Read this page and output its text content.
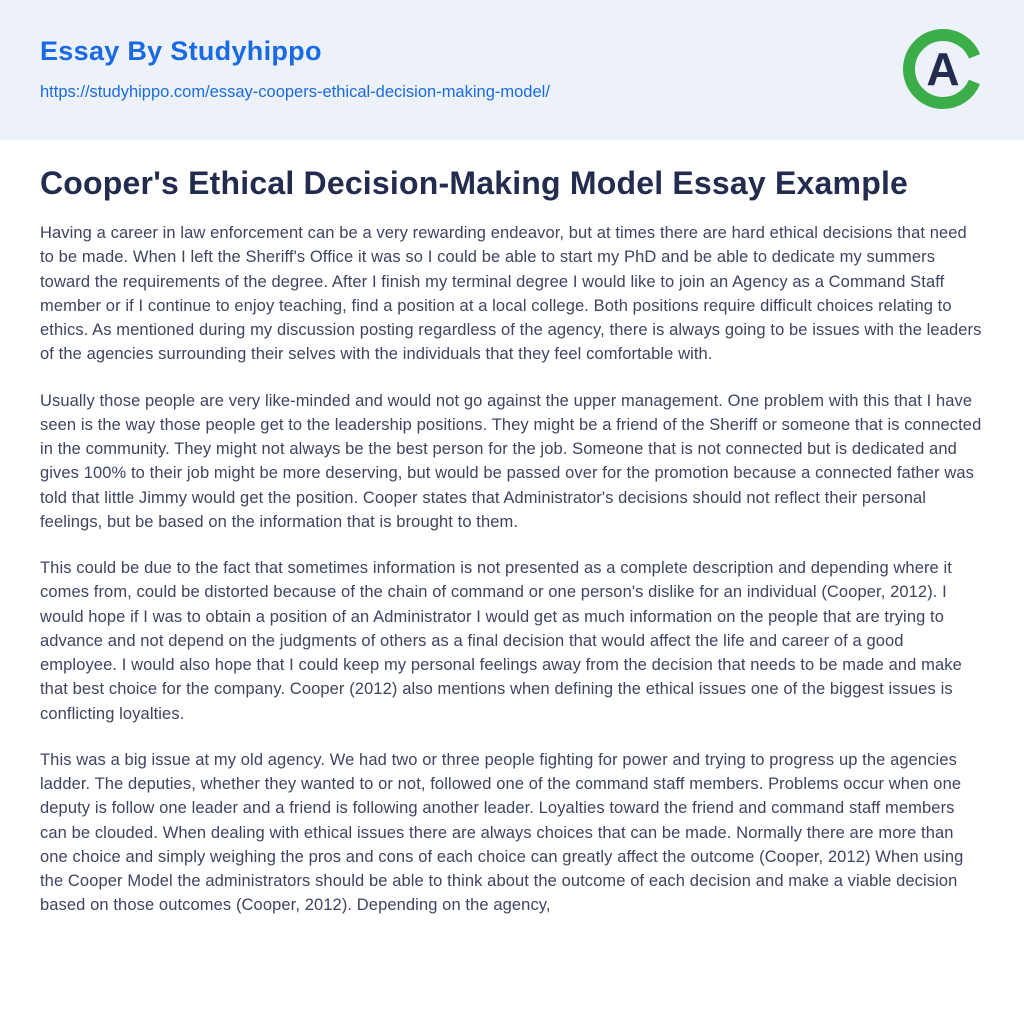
Essay By Studyhippo
https://studyhippo.com/essay-coopers-ethical-decision-making-model/	A
Cooper's Ethical Decision-Making Model Essay Example

Having a career in law enforcement can be a very rewarding endeavor, but at times there are hard ethical decisions that need to be made. When I left the Sheriff's Office it was so I could be able to start my PhD and be able to dedicate my summers toward the requirements of the degree. After I finish my terminal degree I would like to join an Agency as a Command Staff member or if I continue to enjoy teaching, find a position at a local college. Both positions require difficult choices relating to ethics. As mentioned during my discussion posting regardless of the agency, there is always going to be issues with the leaders of the agencies surrounding their selves with the individuals that they feel comfortable with.

Usually those people are very like-minded and would not go against the upper management. One problem with this that I have seen is the way those people get to the leadership positions. They might be a friend of the Sheriff or someone that is connected in the community. They might not always be the best person for the job. Someone that is not connected but is dedicated and gives 100% to their job might be more deserving, but would be passed over for the promotion because a connected father was told that little Jimmy would get the position. Cooper states that Administrator's decisions should not reflect their personal feelings, but be based on the information that is brought to them.

This could be due to the fact that sometimes information is not presented as a complete description and depending where it comes from, could be distorted because of the chain of command or one person's dislike for an individual (Cooper, 2012). I would hope if I was to obtain a position of an Administrator I would get as much information on the people that are trying to advance and not depend on the judgments of others as a final decision that would affect the life and career of a good employee. I would also hope that I could keep my personal feelings away from the decision that needs to be made and make that best choice for the company. Cooper (2012) also mentions when defining the ethical issues one of the biggest issues is conflicting loyalties.

This was a big issue at my old agency. We had two or three people fighting for power and trying to progress up the agencies ladder. The deputies, whether they wanted to or not, followed one of the command staff members. Problems occur when one deputy is follow one leader and a friend is following another leader. Loyalties toward the friend and command staff members can be clouded. When dealing with ethical issues there are always choices that can be made. Normally there are more than one choice and simply weighing the pros and cons of each choice can greatly affect the outcome (Cooper, 2012) When using the Cooper Model the administrators should be able to think about the outcome of each decision and make a viable decision based on those outcomes (Cooper, 2012). Depending on the agency,
